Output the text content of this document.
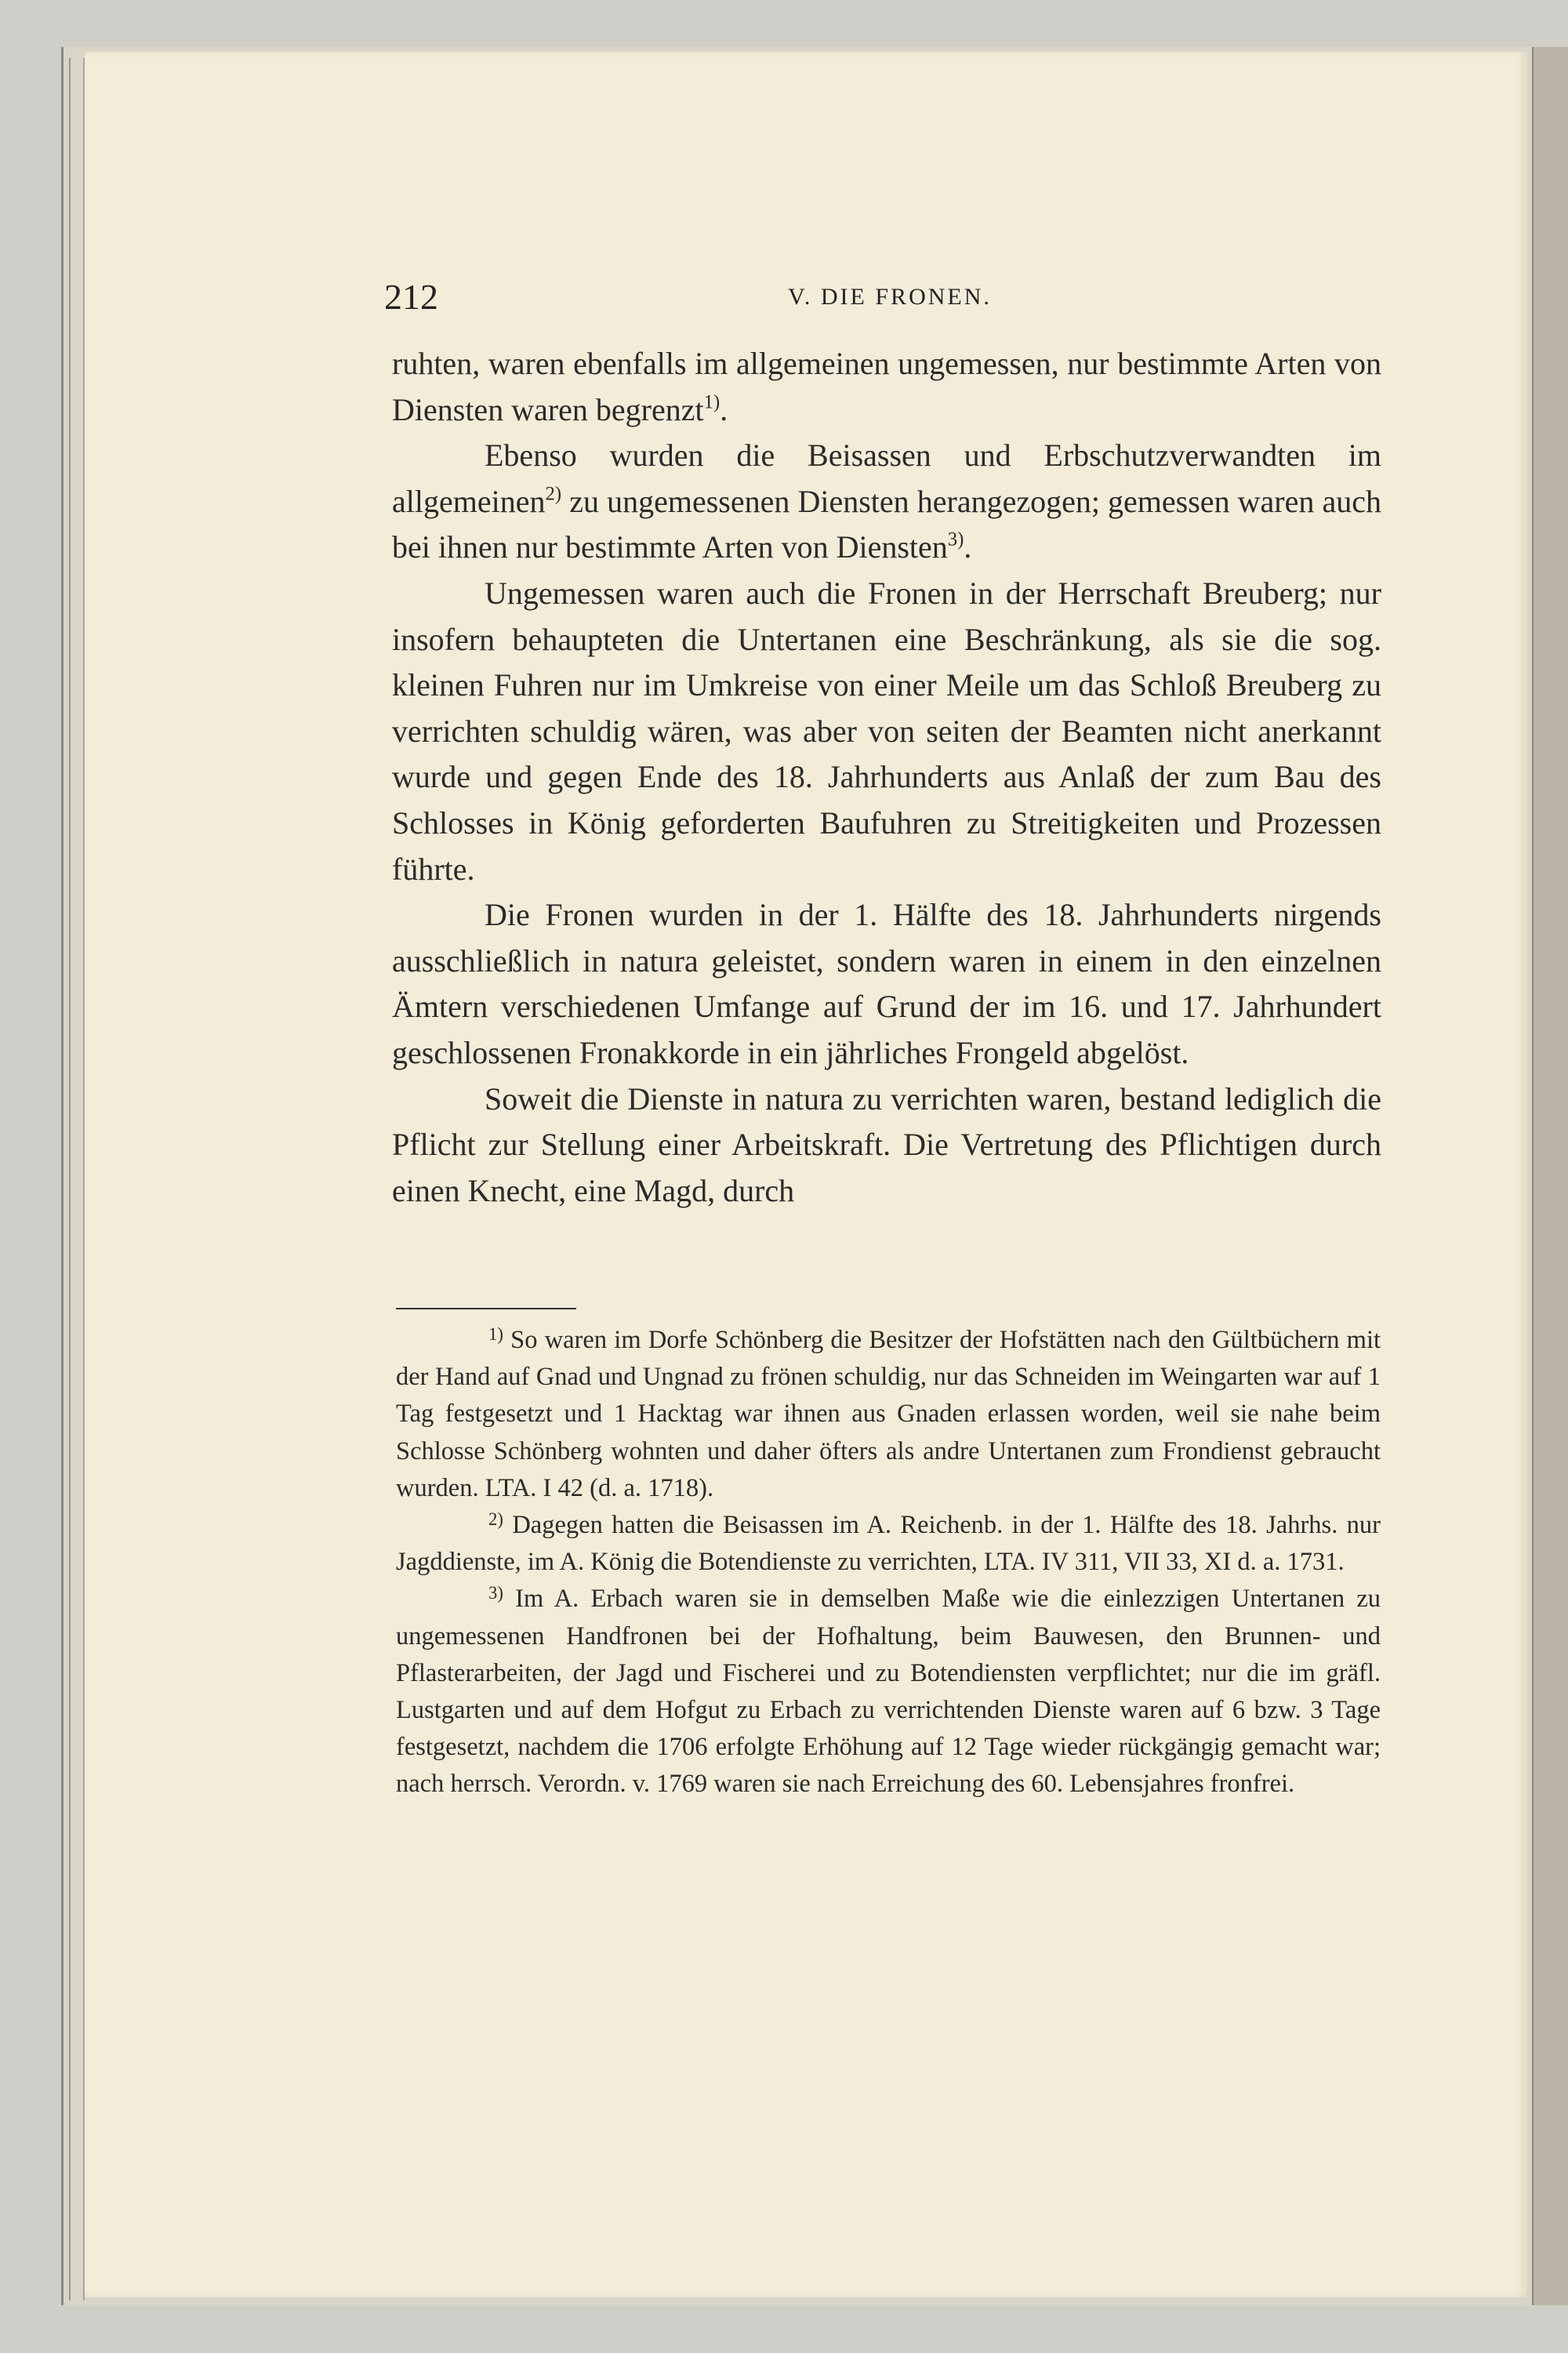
212	V. DIE FRONEN.

ruhten, waren ebenfalls im allgemeinen ungemessen, nur bestimmte Arten von Diensten waren begrenzt$^{1)}$.

Ebenso wurden die Beisassen und Erbschutzverwandten im allgemeinen$^{2)}$ zu ungemessenen Diensten herangezogen; gemessen waren auch bei ihnen nur bestimmte Arten von Diensten$^{3)}$.

Ungemessen waren auch die Fronen in der Herrschaft Breuberg; nur insofern behaupteten die Untertanen eine Beschränkung, als sie die sog. kleinen Fuhren nur im Umkreise von einer Meile um das Schloß Breuberg zu verrichten schuldig wären, was aber von seiten der Beamten nicht anerkannt wurde und gegen Ende des 18. Jahrhunderts aus Anlaß der zum Bau des Schlosses in König geforderten Baufuhren zu Streitigkeiten und Prozessen führte.

Die Fronen wurden in der 1. Hälfte des 18. Jahrhunderts nirgends ausschließlich in natura geleistet, sondern waren in einem in den einzelnen Ämtern verschiedenen Umfange auf Grund der im 16. und 17. Jahrhundert geschlossenen Fronakkorde in ein jährliches Frongeld abgelöst.

Soweit die Dienste in natura zu verrichten waren, bestand lediglich die Pflicht zur Stellung einer Arbeitskraft. Die Vertretung des Pflichtigen durch einen Knecht, eine Magd, durch

$^{1)}$ So waren im Dorfe Schönberg die Besitzer der Hofstätten nach den Gültbüchern mit der Hand auf Gnad und Ungnad zu frönen schuldig, nur das Schneiden im Weingarten war auf 1 Tag festgesetzt und 1 Hacktag war ihnen aus Gnaden erlassen worden, weil sie nahe beim Schlosse Schönberg wohnten und daher öfters als andre Untertanen zum Frondienst gebraucht wurden. LTA. I 42 (d. a. 1718).

$^{2)}$ Dagegen hatten die Beisassen im A. Reichenb. in der 1. Hälfte des 18. Jahrhs. nur Jagddienste, im A. König die Botendienste zu verrichten, LTA. IV 311, VII 33, XI d. a. 1731.

$^{3)}$ Im A. Erbach waren sie in demselben Maße wie die einlezzigen Untertanen zu ungemessenen Handfronen bei der Hofhaltung, beim Bauwesen, den Brunnen- und Pflasterarbeiten, der Jagd und Fischerei und zu Botendiensten verpflichtet; nur die im gräfl. Lustgarten und auf dem Hofgut zu Erbach zu verrichtenden Dienste waren auf 6 bzw. 3 Tage festgesetzt, nachdem die 1706 erfolgte Erhöhung auf 12 Tage wieder rückgängig gemacht war; nach herrsch. Verordn. v. 1769 waren sie nach Erreichung des 60. Lebensjahres fronfrei.
